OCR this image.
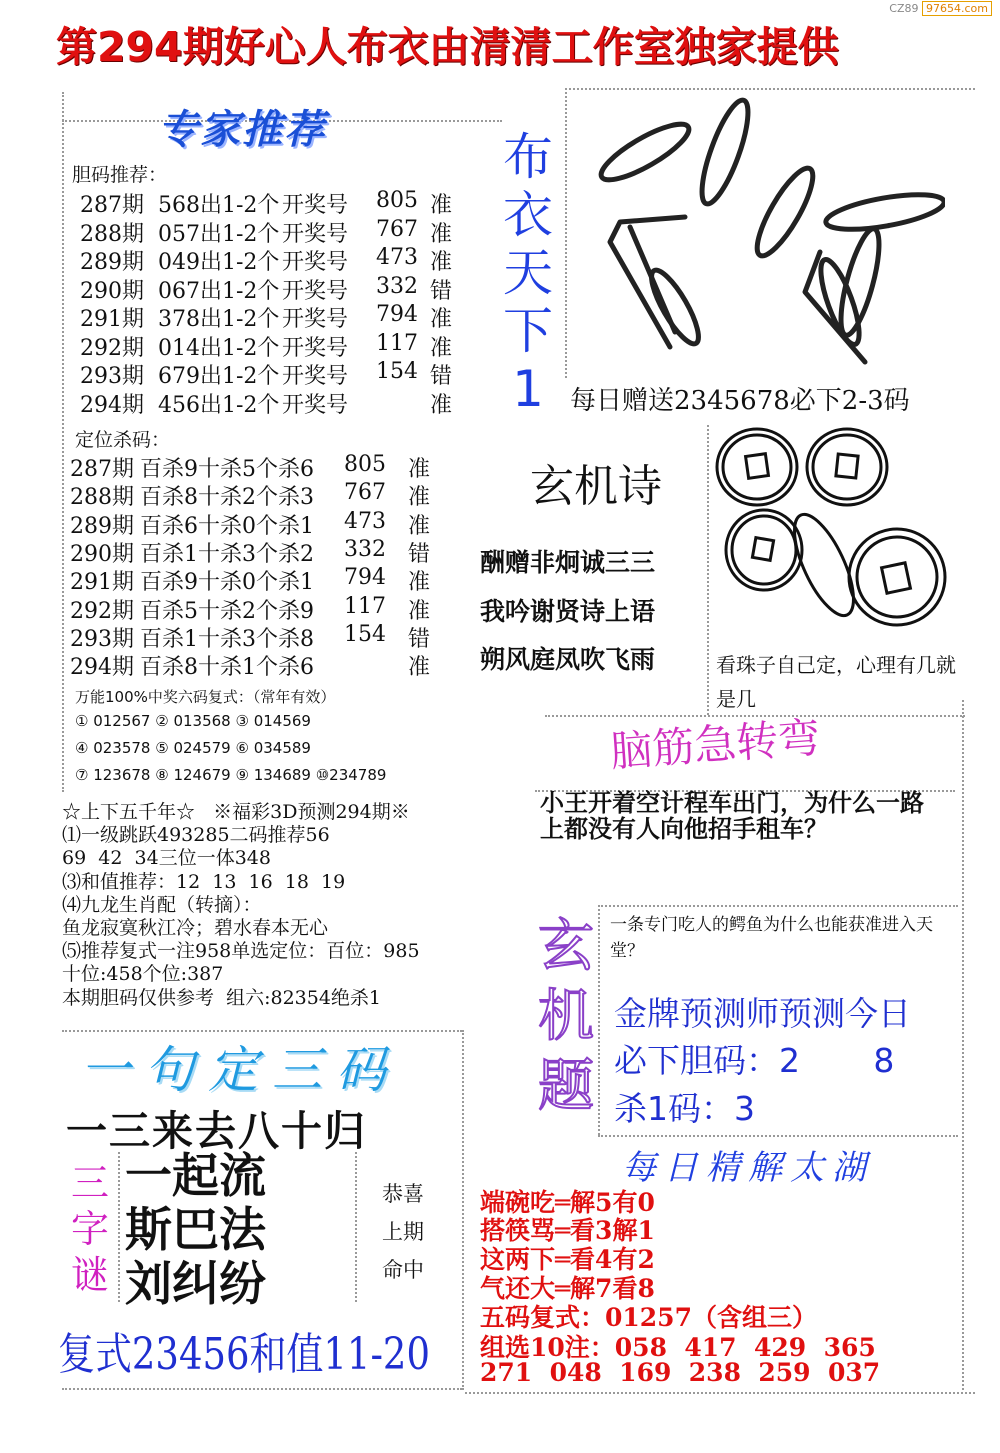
第294期好心人布衣由清清工作室独家提供
CZ89 97654.com
专家推荐
胆码推荐：
287期 568出1-2个 开奖号 805 准
288期 057出1-2个 开奖号 767 准
289期 049出1-2个 开奖号 473 准
290期 067出1-2个 开奖号 332 错
291期 378出1-2个 开奖号 794 准
292期 014出1-2个 开奖号 117 准
293期 679出1-2个 开奖号 154 错
294期 456出1-2个 开奖号	准
定位杀码：
287期 百杀9十杀5个杀6 805 准
288期 百杀8十杀2个杀3 767 准
289期 百杀6十杀0个杀1 473 准
290期 百杀1十杀3个杀2 332 错
291期 百杀9十杀0个杀1 794 准
292期 百杀5十杀2个杀9 117 准
293期 百杀1十杀3个杀8 154 错
294期 百杀8十杀1个杀6	准
万能100%中奖六码复式：（常年有效）
① 012567 ② 013568 ③ 014569
④ 023578 ⑤ 024579 ⑥ 034589
⑦ 123678 ⑧ 124679 ⑨ 134689 ⑩234789
☆上下五千年☆   ※福彩3D预测294期※
⑴一级跳跃493285二码推荐56
69  42  34三位一体348
⑶和值推荐：12  13  16  18  19
⑷九龙生肖配（转摘）：
鱼龙寂寞秋江冷；碧水春本无心
⑸推荐复式一注958单选定位：百位：985
十位:458个位:387
本期胆码仅供参考  组六:82354绝杀1
一句定三码
一三来去八十归
三
字
谜
一起流
斯巴法
刘纠纷
恭喜
上期
命中
复式23456和值11-20
布
衣
天
下
1	每日赠送2345678必下2-3码
玄机诗
酬赠非炯诚三三
我吟谢贤诗上语
朔风庭凤吹飞雨	看珠子自己定，心理有几就是几
脑筋急转弯
小王开着空计程车出门，为什么一路上都没有人向他招手租车？
玄
机
题
一条专门吃人的鳄鱼为什么也能获准进入天堂？
金牌预测师预测今日
必下胆码：2       8
杀1码：3
每日精解太湖
端碗吃═解5有0
搭筷骂═看3解1
这两下═看4有2
气还大═解7看8
五码复式：01257（含组三）
组选10注：058  417  429  365
271  048  169  238  259  037
